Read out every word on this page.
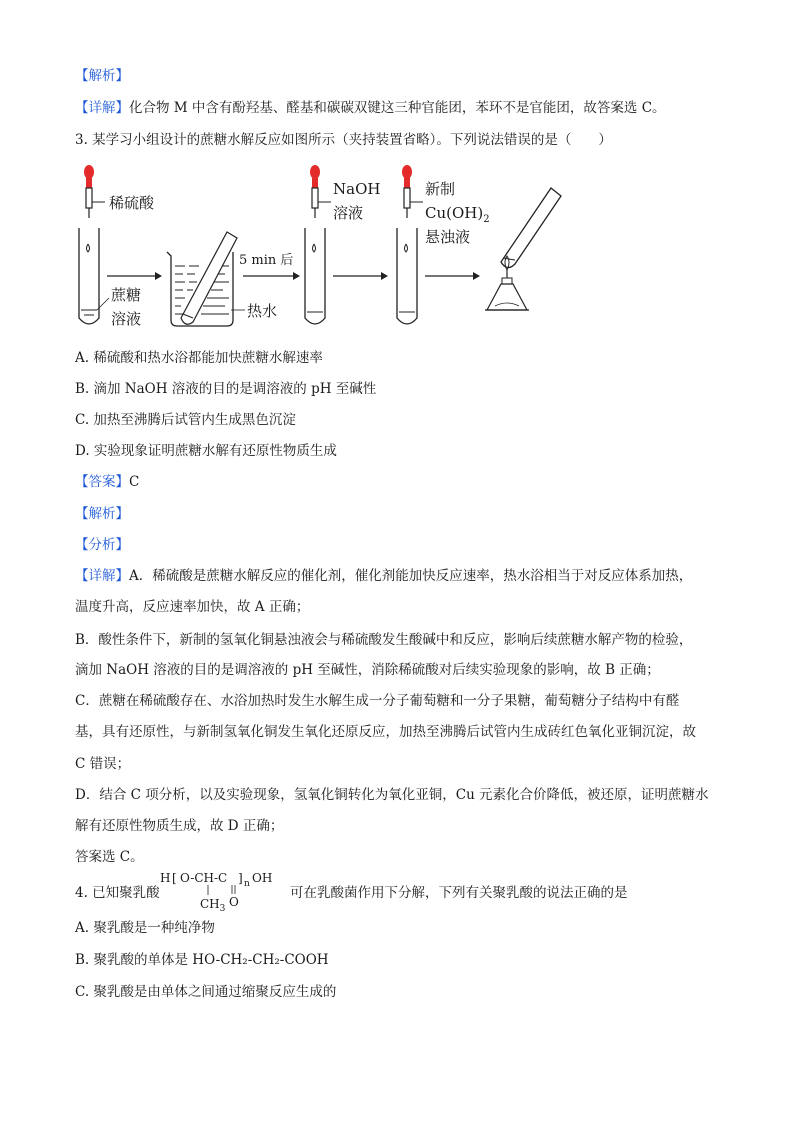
【解析】
【详解】化合物 M 中含有酚羟基、醛基和碳碳双键这三种官能团，苯环不是官能团，故答案选 C。
3. 某学习小组设计的蔗糖水解反应如图所示（夹持装置省略）。下列说法错误的是（　　）
稀硫酸
蔗糖
溶液	热水
5 min 后
NaOH
溶液
新制
$Cu(OH)_2$
悬浊液
A. 稀硫酸和热水浴都能加快蔗糖水解速率
B. 滴加 NaOH 溶液的目的是调溶液的 pH 至碱性
C. 加热至沸腾后试管内生成黑色沉淀
D. 实验现象证明蔗糖水解有还原性物质生成
【答案】C
【解析】
【分析】
【详解】A．稀硫酸是蔗糖水解反应的催化剂，催化剂能加快反应速率，热水浴相当于对反应体系加热，
温度升高，反应速率加快，故 A 正确；
B．酸性条件下，新制的氢氧化铜悬浊液会与稀硫酸发生酸碱中和反应，影响后续蔗糖水解产物的检验，
滴加 NaOH 溶液的目的是调溶液的 pH 至碱性，消除稀硫酸对后续实验现象的影响，故 B 正确；
C．蔗糖在稀硫酸存在、水浴加热时发生水解生成一分子葡萄糖和一分子果糖，葡萄糖分子结构中有醛
基，具有还原性，与新制氢氧化铜发生氧化还原反应，加热至沸腾后试管内生成砖红色氧化亚铜沉淀，故
C 错误；
D．结合 C 项分析，以及实验现象，氢氧化铜转化为氧化亚铜，Cu 元素化合价降低，被还原，证明蔗糖水
解有还原性物质生成，故 D 正确；
答案选 C。
4. 已知聚乳酸
H [ O-CH-C ] n OH
$CH_3$ O
可在乳酸菌作用下分解，下列有关聚乳酸的说法正确的是
A. 聚乳酸是一种纯净物
B. 聚乳酸的单体是 HO-CH₂-CH₂-COOH
C. 聚乳酸是由单体之间通过缩聚反应生成的
